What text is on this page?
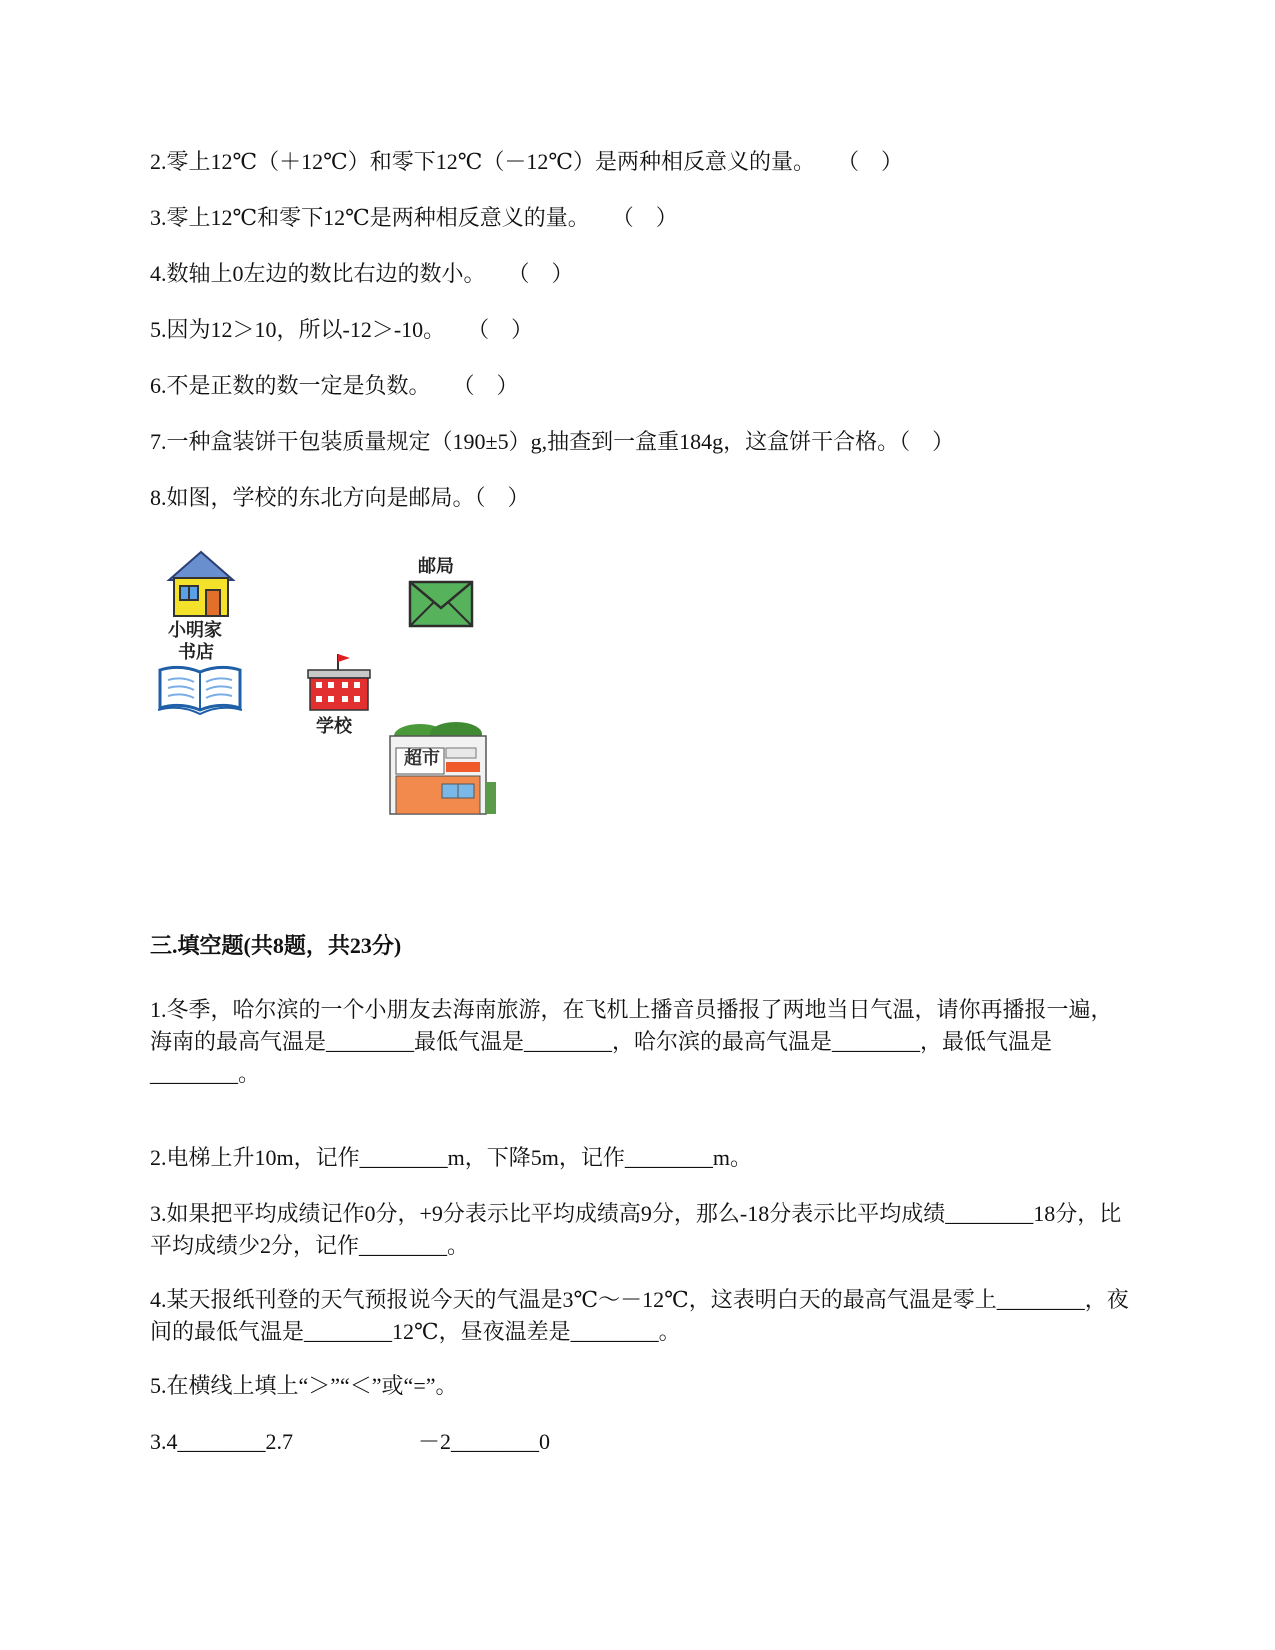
2.零上12℃（＋12℃）和零下12℃（－12℃）是两种相反意义的量。　　（　）
3.零上12℃和零下12℃是两种相反意义的量。　　（　）
4.数轴上0左边的数比右边的数小。　　（　）
5.因为12＞10，所以-12＞-10。　　（　）
6.不是正数的数一定是负数。　　（　）
7.一种盒装饼干包装质量规定（190±5）g,抽查到一盒重184g，这盒饼干合格。（　）
8.如图，学校的东北方向是邮局。（　）
小明家
邮局
书店
学校
超市
三.填空题(共8题，共23分)
1.冬季，哈尔滨的一个小朋友去海南旅游，在飞机上播音员播报了两地当日气温，请你再播报一遍，海南的最高气温是________最低气温是________，哈尔滨的最高气温是________，最低气温是________。
2.电梯上升10m，记作________m，下降5m，记作________m。
3.如果把平均成绩记作0分，+9分表示比平均成绩高9分，那么-18分表示比平均成绩________18分，比平均成绩少2分，记作________。
4.某天报纸刊登的天气预报说今天的气温是3℃～－12℃，这表明白天的最高气温是零上________，夜间的最低气温是________12℃，昼夜温差是________。
5.在横线上填上“＞”“＜”或“=”。
3.4________2.7	－2________0
